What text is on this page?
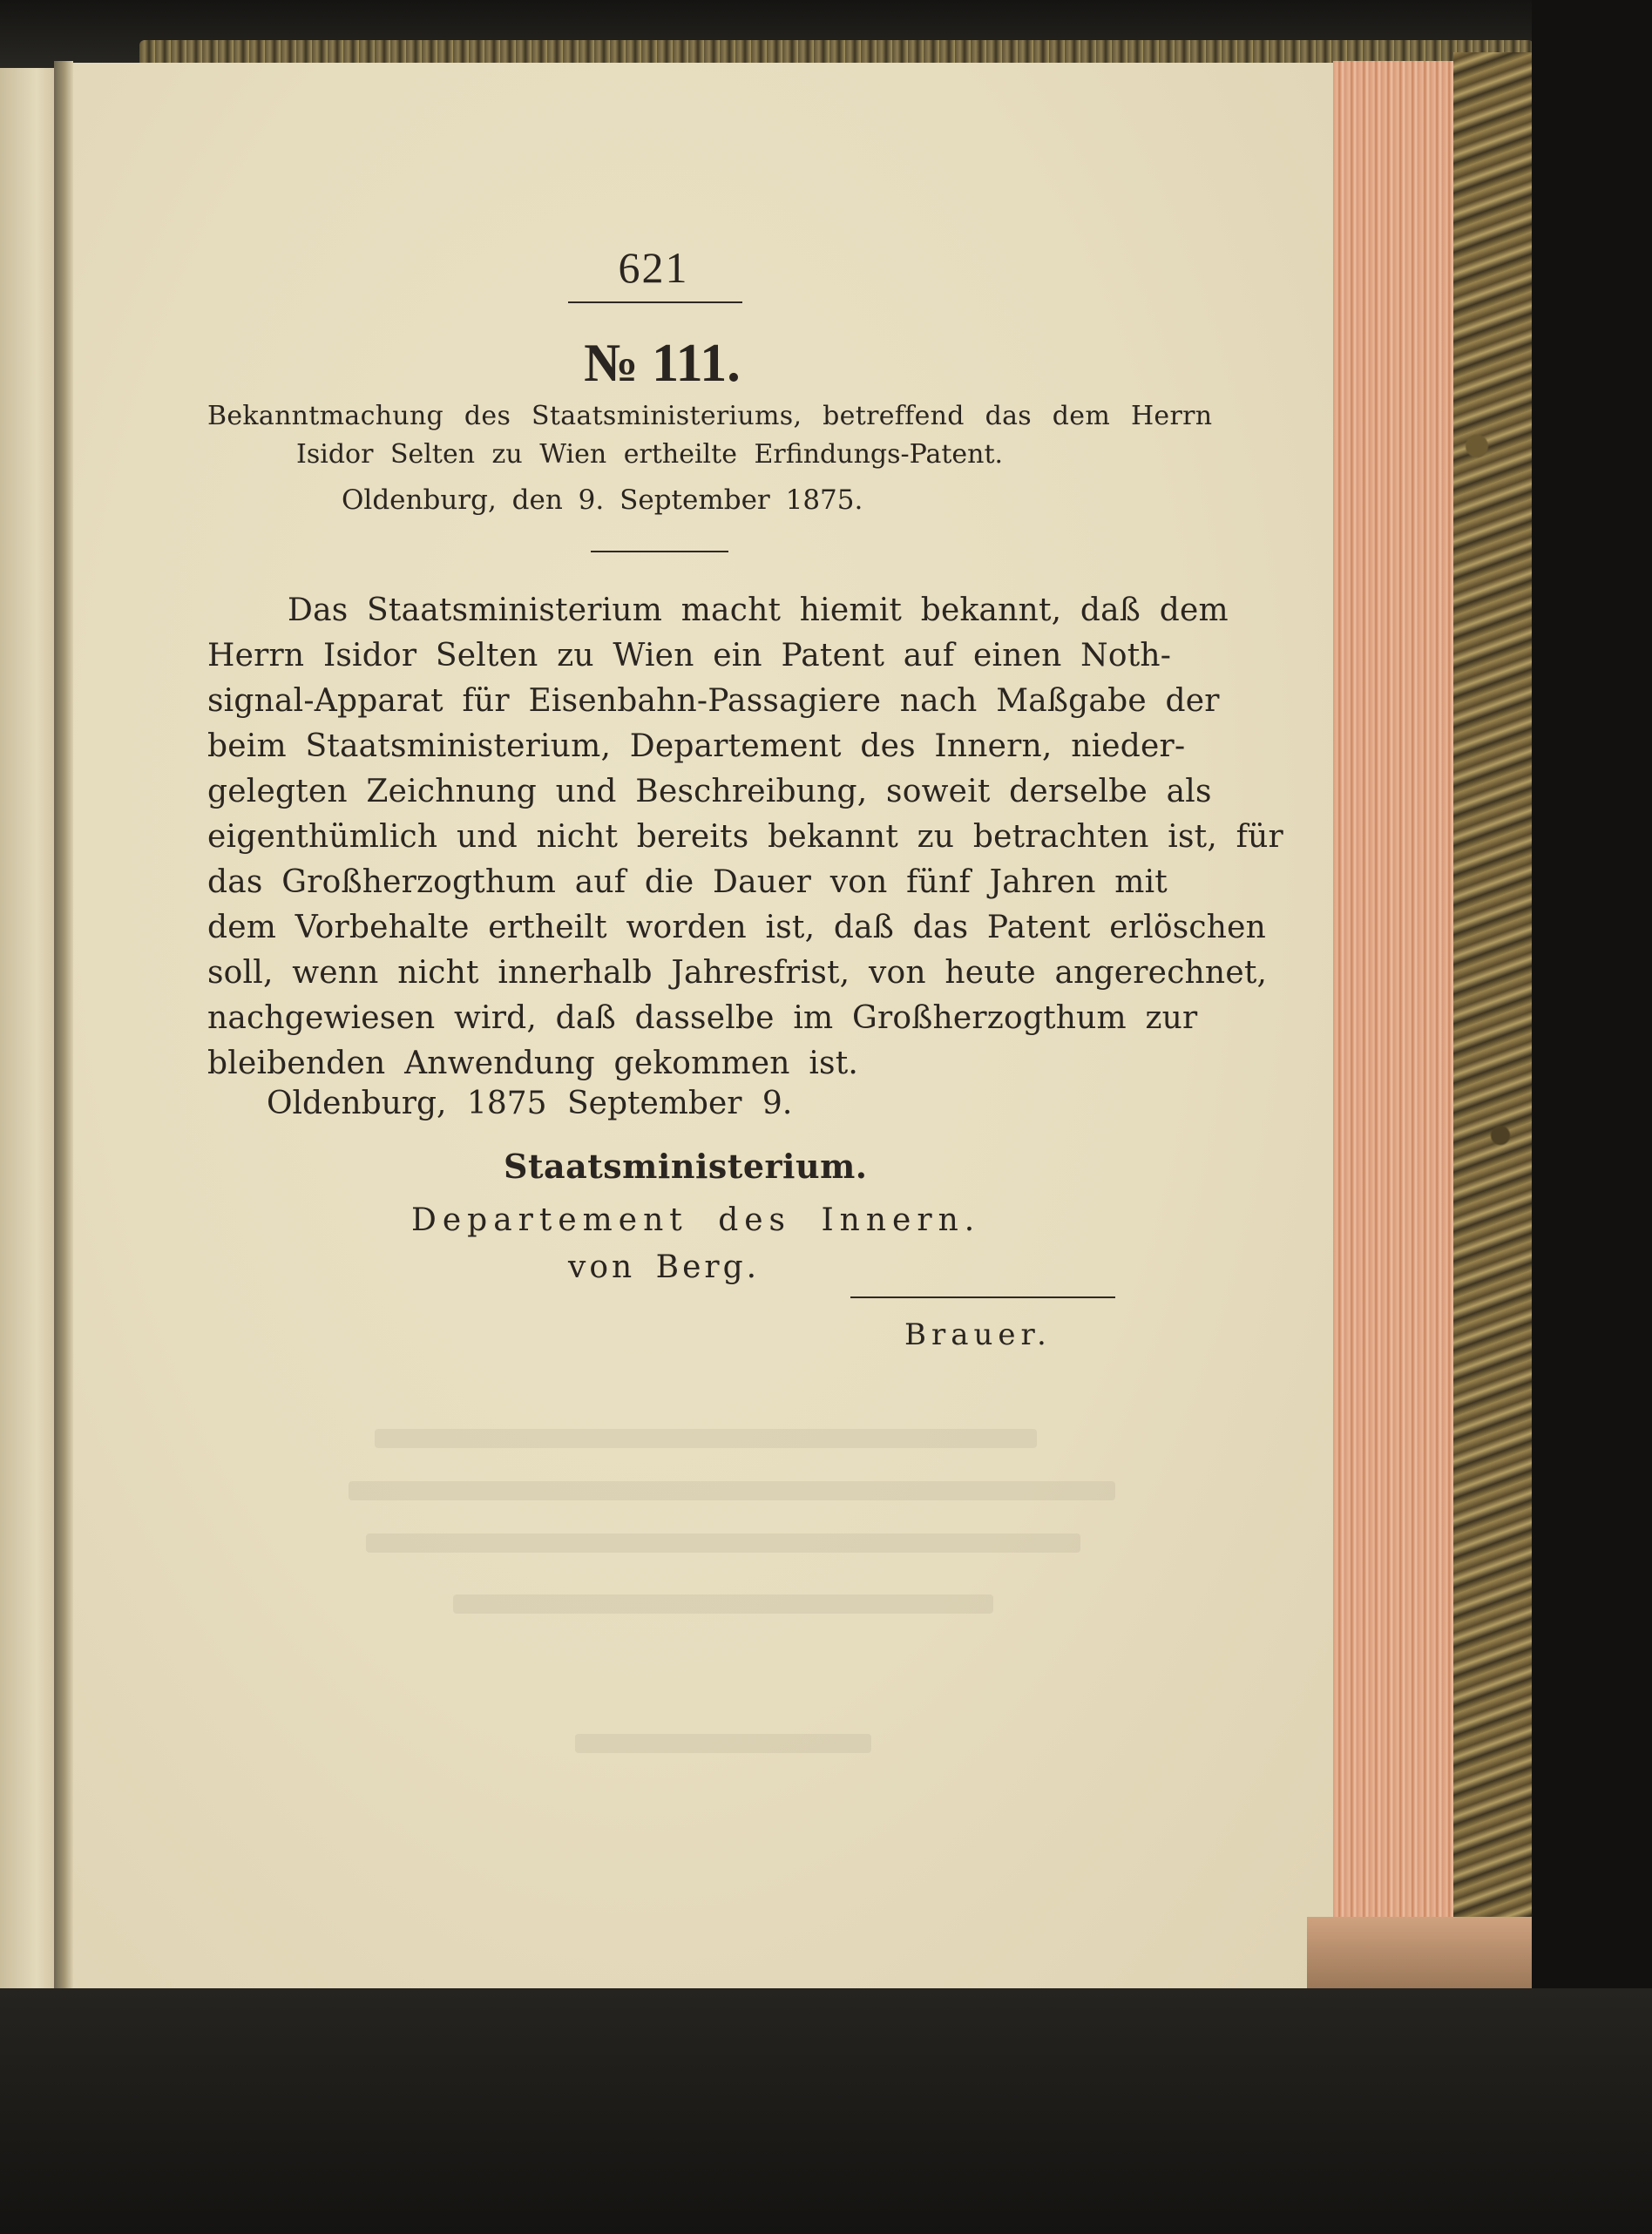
621

№ 111.

Bekanntmachung des Staatsministeriums, betreffend das dem Herrn

Isidor Selten zu Wien ertheilte Erfindungs-Patent.

Oldenburg, den 9. September 1875.

Das Staatsministerium macht hiemit bekannt, daß dem

Herrn Isidor Selten zu Wien ein Patent auf einen Noth-

signal-Apparat für Eisenbahn-Passagiere nach Maßgabe der

beim Staatsministerium, Departement des Innern, nieder-

gelegten Zeichnung und Beschreibung, soweit derselbe als

eigenthümlich und nicht bereits bekannt zu betrachten ist, für

das Großherzogthum auf die Dauer von fünf Jahren mit

dem Vorbehalte ertheilt worden ist, daß das Patent erlöschen

soll, wenn nicht innerhalb Jahresfrist, von heute angerechnet,

nachgewiesen wird, daß dasselbe im Großherzogthum zur

bleibenden Anwendung gekommen ist.

Oldenburg, 1875 September 9.

Staatsministerium.

Departement des Innern.

von Berg.

Brauer.
